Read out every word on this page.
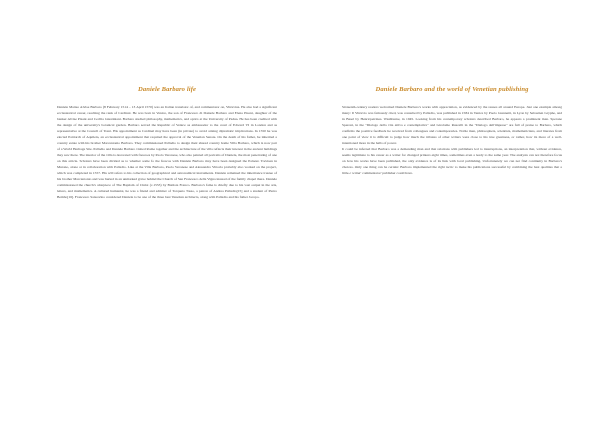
Daniele Barbaro life

Daniele Matteo Alvise Barbaro (8 February 1514 – 13 April 1570) was an Italian translator of, and commentator on, Vitruvius. He also had a significant ecclesiastical career, reaching the rank of Cardinal. He was born in Venice, the son of Francesco di Daniele Barbaro and Elena Pisani, daughter of the banker Alvise Pisani and Cecilia Giustiniani. Barbaro studied philosophy, mathematics, and optics at the University of Padua. He has been credited with the design of the university's botanical garden. Barbaro served the Republic of Venice as ambassador to the court of Edward VI in London and as representative at the Council of Trent. His appointment as Cardinal may have been (in private) to avoid arising diplomatic implications. In 1550 he was elected Patriarch of Aquileia, an ecclesiastical appointment that required the approval of the Venetian Senate. On the death of his father, he inherited a country estate with his brother Marcantonio Barbaro. They commissioned Palladio to design their shared country home Villa Barbaro, which is now part of a World Heritage Site. Palladio and Daniele Barbaro visited Rome together and the architecture of the villa reflects their interest in the ancient buildings they saw there. The interior of the villa is decorated with frescoes by Paolo Veronese, who also painted all portraits of Daniele, the most penetrating of one on this article. Scholars have been divided as to whether some fo the frescos with Daniele Barbaro may have been designed the Palazzo Trevisan in Murano, alone or in collaboration with Palladio. Like at the Villa Barbaro, Paolo Veronese and Alessandro Vittoria probably also worked on the project, which was completed in 1557. His will refers to his collection of geographical and astronomical instruments. Daniele remained the inheritance trustee of his brother Marcantonio and was buried in an unmarked grave behind the Church of San Francesco della Vigna instead of the family chapel there. Daniele commissioned the church's altarpiece of The Baptism of Christ (c.1553) by Battista Franco. Barbaro's fame is chiefly due to his vast output in the arts, letters, and mathematics. A cultured humanist, he was a friend and admirer of Torquato Tasso, a patron of Andrea Palladio[15] and a student of Pietro Bembo[16]. Francesco Sansovino considered Daniele to be one of the three best Venetian architects, along with Palladio and his father Jacopo.

Daniele Barbaro and the world of Venetian publishing

Sixteenth-century readers welcomed Daniele Barbaro's works with appreciation, as evidenced by the reuses all around Europe. Just one example among many: Il Vitruvio was famously cited, was consulted by Palladio, was published in 1584 in Venice by Paolo Giannetti, in Lyon by Sebastien Gryphe, and in Basel by Henricpetrinas. Washburne, in 1945. Looking from his contemporary scholars described Barbaro, he appears a prominent man. Sperone Speroni, in the "Dialogo della vita attiva e contemplativa" and Girolamo Ruscelli in the "Dialogo dell'imprese" are full of praise to Barbaro, which confirms the positive feedback he received from colleagues and contemporaries. Noble men, philosophers, scientists, mathematicians, and literates from one point of view it is difficult to judge how much the tributes of other writers were close to his true greatness, or rather, how its more of a well-intentioned more in the halls of power.

It could be inferred that Barbaro was a demanding man and that relations with publishers led to interruptions, an interpretation that, without evidence, seems legitimate to his career as a writer for changed printers eight times, sometimes even a leady to the same year. The analysis can not therefore focus on how his works have been published, the only evidence is of its link with local publishing. Unfortunately we can not find continuity in Barbaro's choices. Only one thing can be certain: Barbaro implemented the right tactic to make his publications successful by combining the best qualities that a little-c writer' commentator' publisher could have.
